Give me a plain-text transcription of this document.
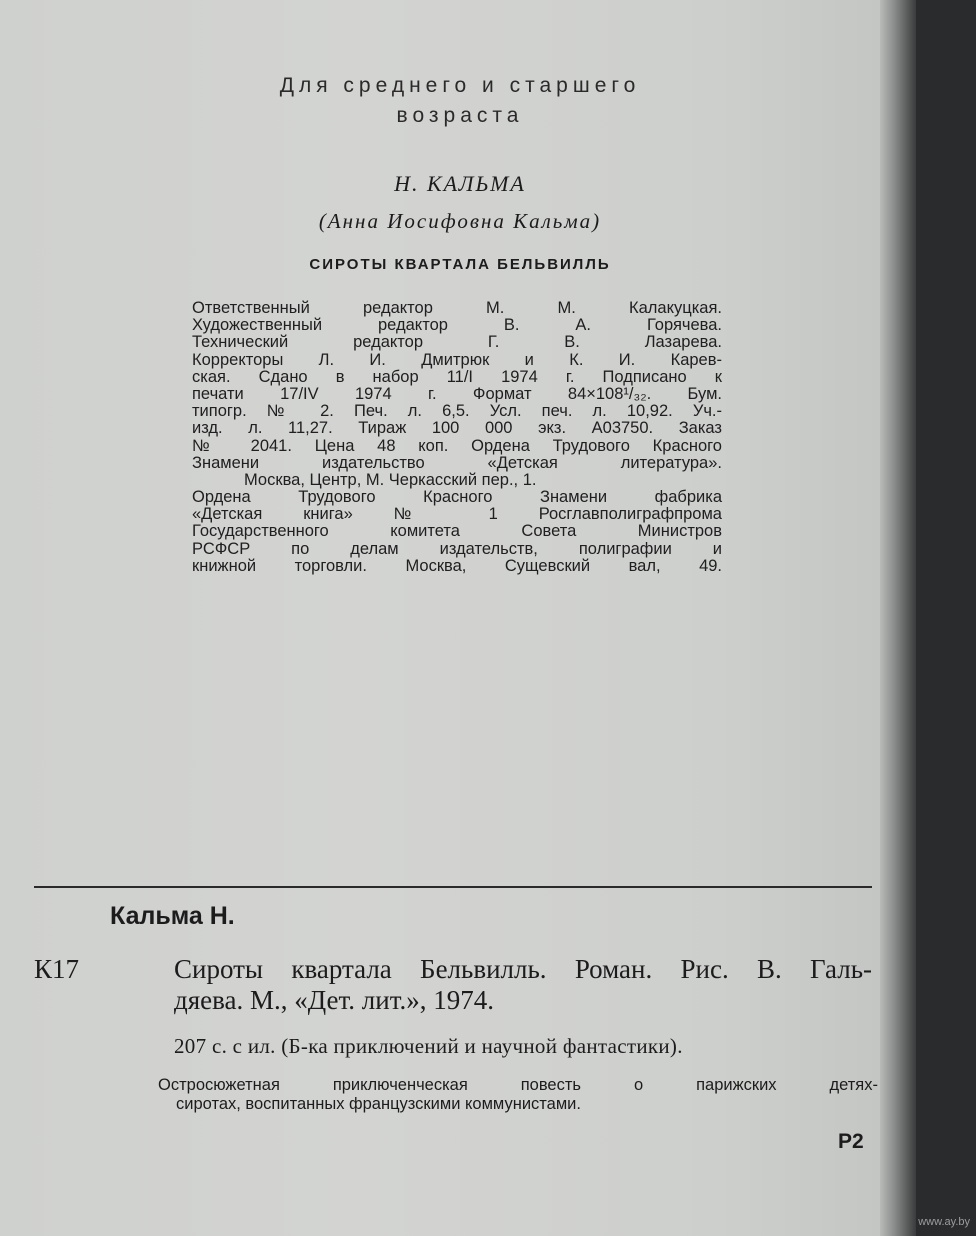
Для среднего и старшего
возраста
Н. КАЛЬМА
(Анна Иосифовна Кальма)
СИРОТЫ КВАРТАЛА БЕЛЬВИЛЛЬ
Ответственный редактор М. М. Калакуцкая.
Художественный редактор В. А. Горячева.
Технический редактор Г. В. Лазарева.
Корректоры Л. И. Дмитрюк и К. И. Карев-
ская. Сдано в набор 11/I 1974 г. Подписано к
печати 17/IV 1974 г. Формат 84×108¹/₃₂. Бум.
типогр. № 2. Печ. л. 6,5. Усл. печ. л. 10,92. Уч.-
изд. л. 11,27. Тираж 100 000 экз. А03750. Заказ
№ 2041. Цена 48 коп. Ордена Трудового Красного
Знамени издательство «Детская литература».
Москва, Центр, М. Черкасский пер., 1.
Ордена Трудового Красного Знамени фабрика
«Детская книга» № 1 Росглавполиграфпрома
Государственного комитета Совета Министров
РСФСР по делам издательств, полиграфии и
книжной торговли. Москва, Сущевский вал, 49.
Кальма Н.
К17	Сироты квартала Бельвилль. Роман. Рис. В. Галь-
дяева. М., «Дет. лит.», 1974.
207 с. с ил. (Б-ка приключений и научной фантастики).
Остросюжетная приключенческая повесть о парижских детях-
сиротах, воспитанных французскими коммунистами.
Р2
www.ay.by
